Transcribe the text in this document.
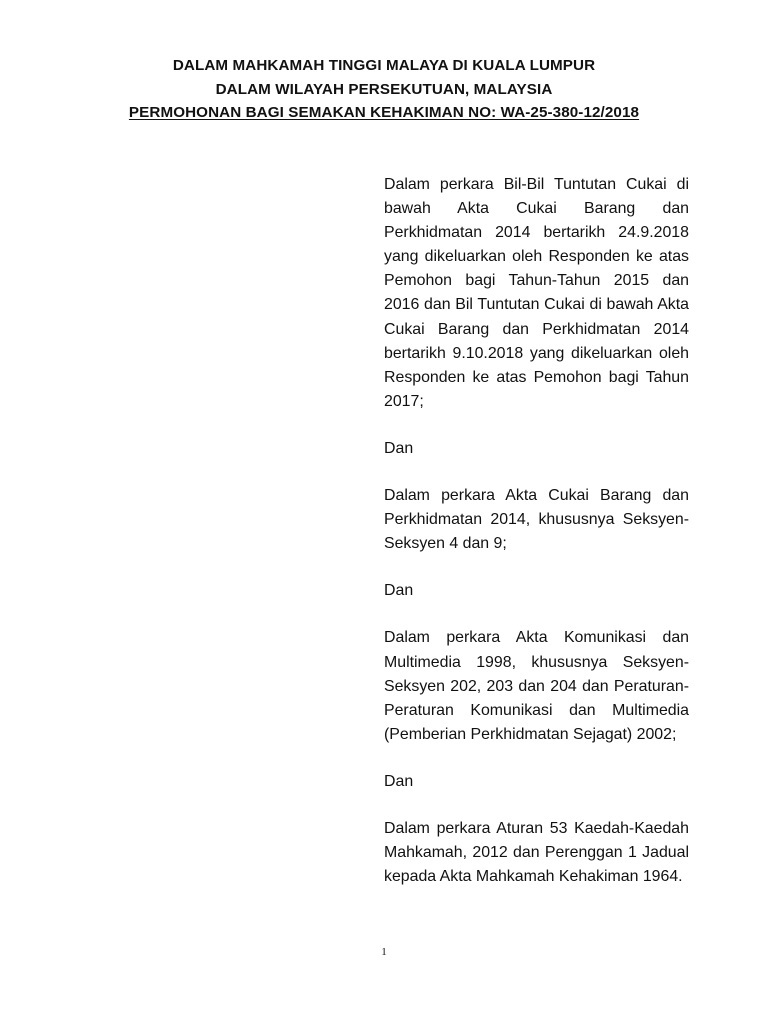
DALAM MAHKAMAH TINGGI MALAYA DI KUALA LUMPUR
DALAM WILAYAH PERSEKUTUAN, MALAYSIA
PERMOHONAN BAGI SEMAKAN KEHAKIMAN NO: WA-25-380-12/2018

Dalam perkara Bil-Bil Tuntutan Cukai di bawah Akta Cukai Barang dan Perkhidmatan 2014 bertarikh 24.9.2018 yang dikeluarkan oleh Responden ke atas Pemohon bagi Tahun-Tahun 2015 dan 2016 dan Bil Tuntutan Cukai di bawah Akta Cukai Barang dan Perkhidmatan 2014 bertarikh 9.10.2018 yang dikeluarkan oleh Responden ke atas Pemohon bagi Tahun 2017;

Dan

Dalam perkara Akta Cukai Barang dan Perkhidmatan 2014, khususnya Seksyen-Seksyen 4 dan 9;

Dan

Dalam perkara Akta Komunikasi dan Multimedia 1998, khususnya Seksyen-Seksyen 202, 203 dan 204 dan Peraturan-Peraturan Komunikasi dan Multimedia (Pemberian Perkhidmatan Sejagat) 2002;

Dan

Dalam perkara Aturan 53 Kaedah-Kaedah Mahkamah, 2012 dan Perenggan 1 Jadual kepada Akta Mahkamah Kehakiman 1964.

1
